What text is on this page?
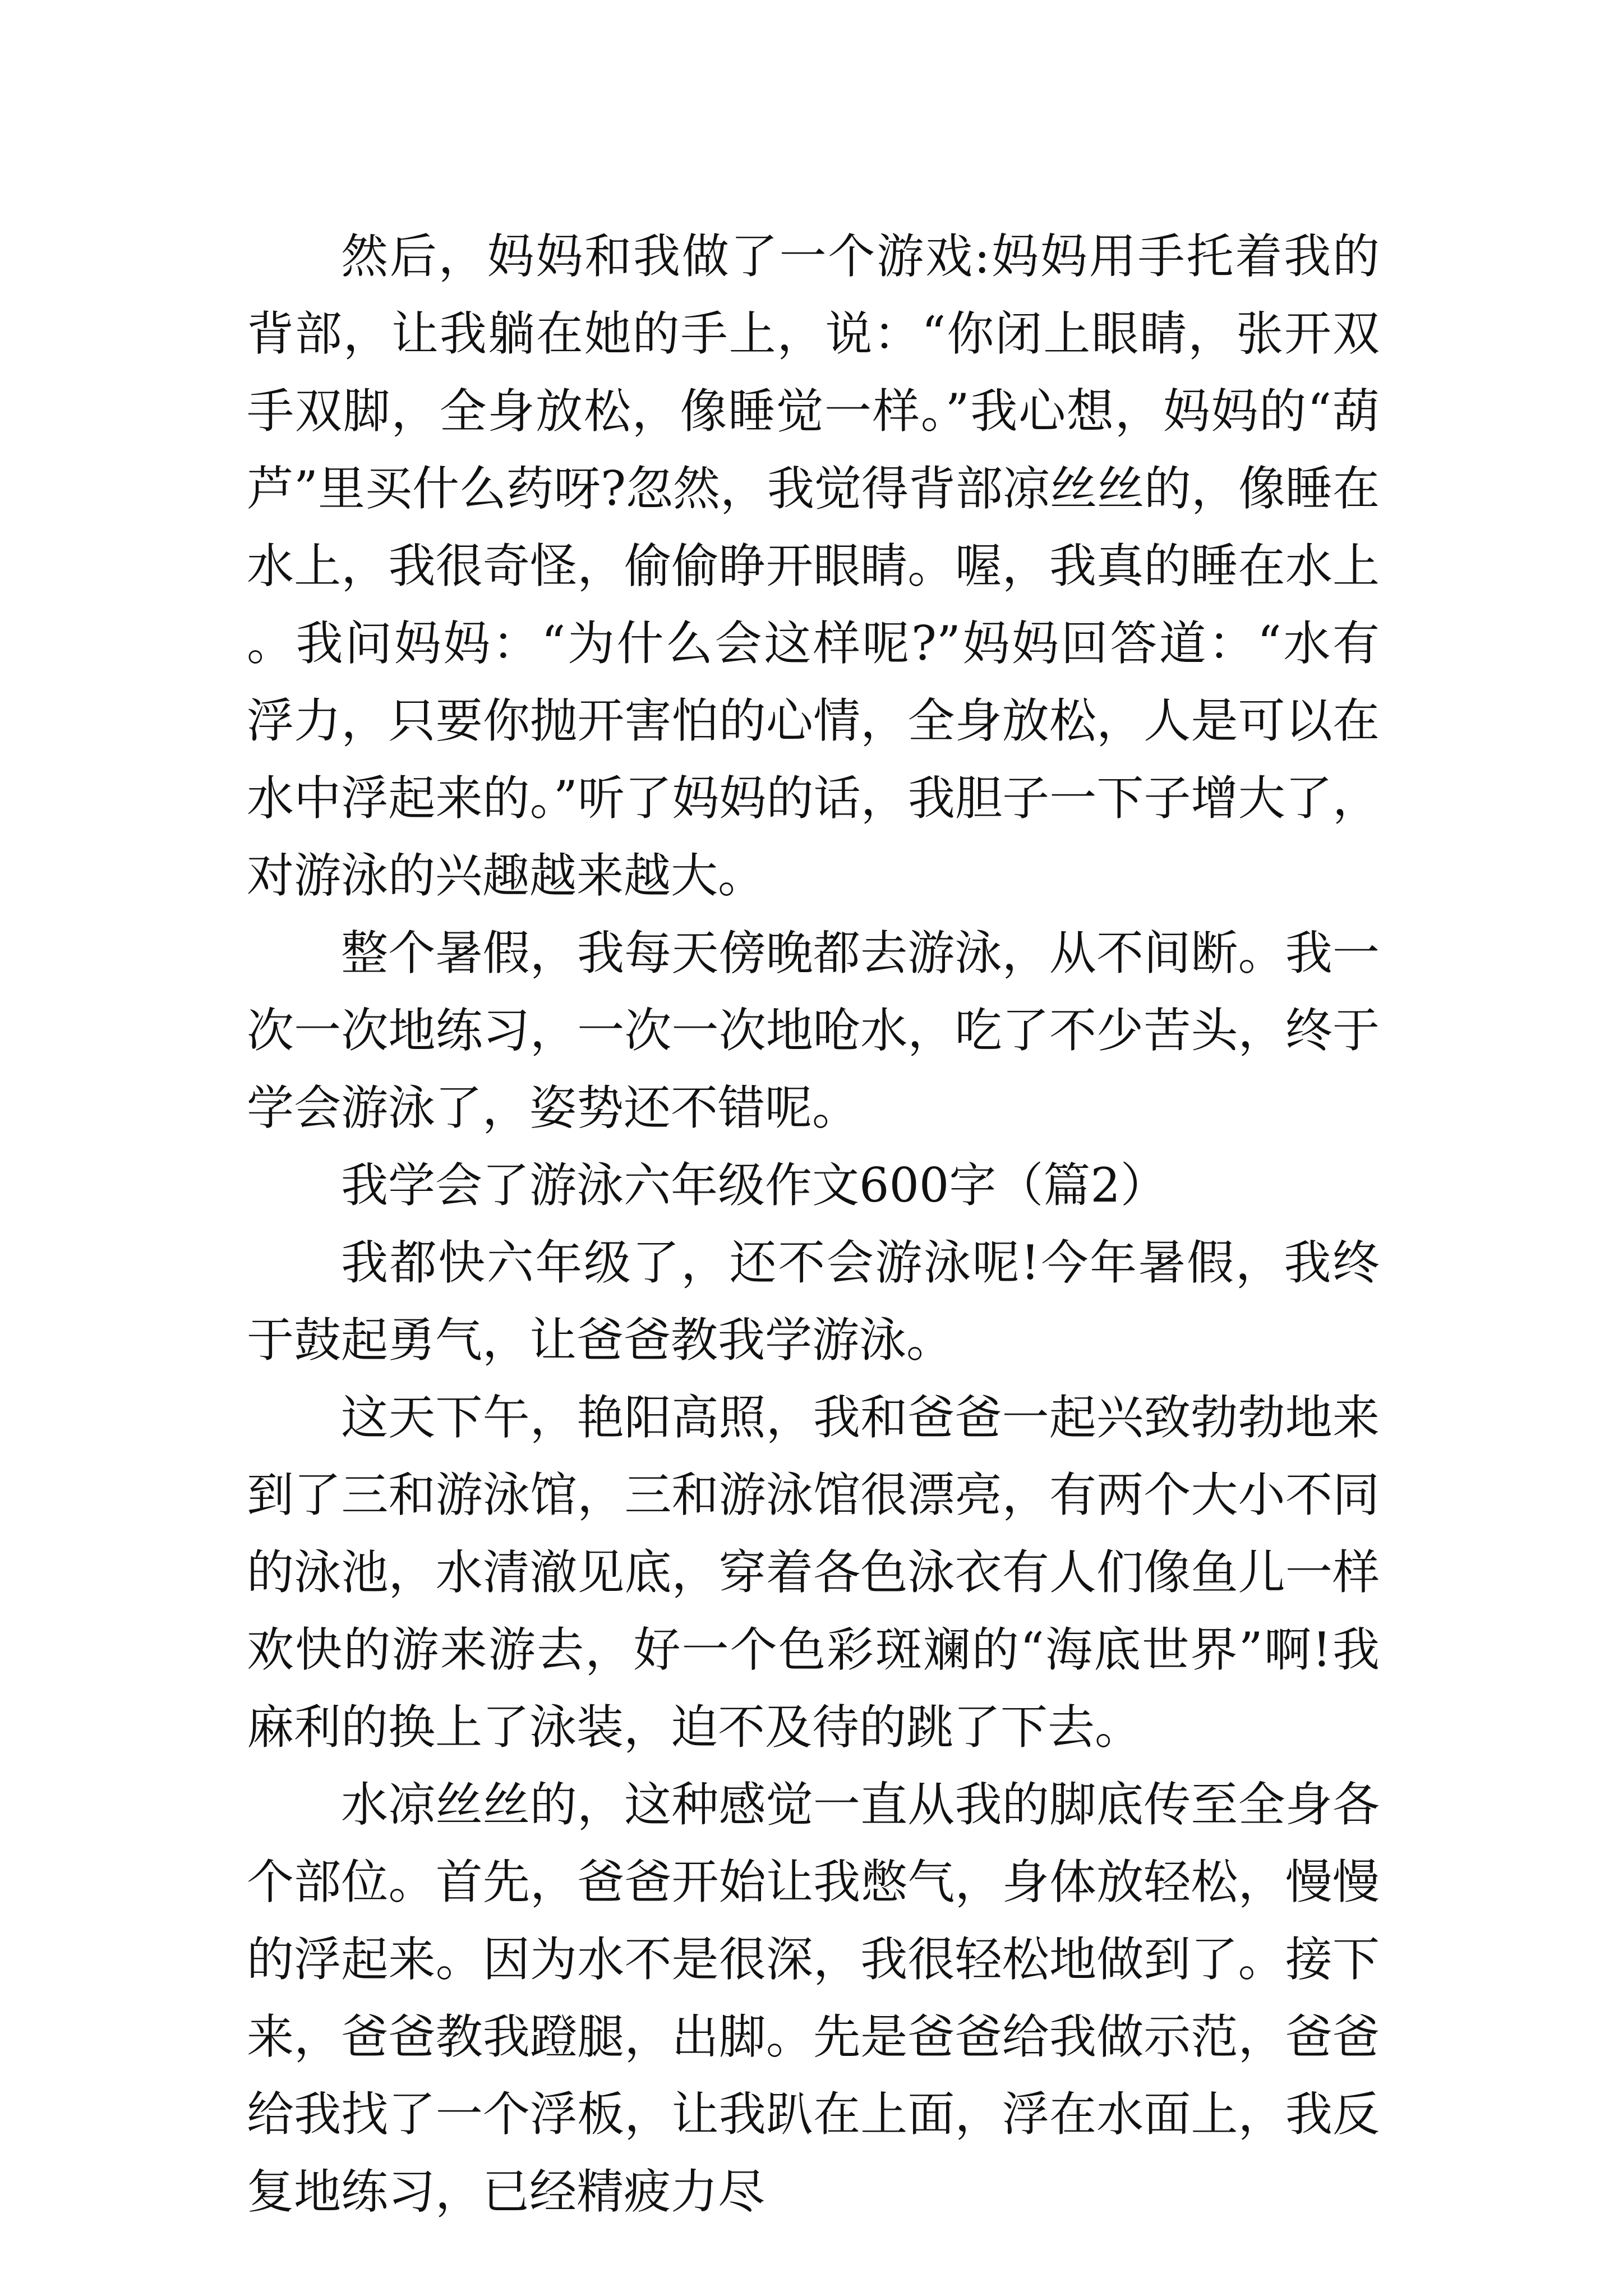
然后，妈妈和我做了一个游戏:妈妈用手托着我的背部，让我躺在她的手上，说：“你闭上眼睛，张开双手双脚，全身放松，像睡觉一样。”我心想，妈妈的“葫芦”里买什么药呀?忽然，我觉得背部凉丝丝的，像睡在水上，我很奇怪，偷偷睁开眼睛。喔，我真的睡在水上。我问妈妈：“为什么会这样呢?”妈妈回答道：“水有浮力，只要你抛开害怕的心情，全身放松，人是可以在水中浮起来的。”听了妈妈的话，我胆子一下子增大了，对游泳的兴趣越来越大。

整个暑假，我每天傍晚都去游泳，从不间断。我一次一次地练习，一次一次地呛水，吃了不少苦头，终于学会游泳了，姿势还不错呢。

我学会了游泳六年级作文600字（篇2）

我都快六年级了，还不会游泳呢!今年暑假，我终于鼓起勇气，让爸爸教我学游泳。

这天下午，艳阳高照，我和爸爸一起兴致勃勃地来到了三和游泳馆，三和游泳馆很漂亮，有两个大小不同的泳池，水清澈见底，穿着各色泳衣有人们像鱼儿一样欢快的游来游去，好一个色彩斑斓的“海底世界”啊!我麻利的换上了泳装，迫不及待的跳了下去。

水凉丝丝的，这种感觉一直从我的脚底传至全身各个部位。首先，爸爸开始让我憋气，身体放轻松，慢慢的浮起来。因为水不是很深，我很轻松地做到了。接下来，爸爸教我蹬腿，出脚。先是爸爸给我做示范，爸爸给我找了一个浮板，让我趴在上面，浮在水面上，我反复地练习，已经精疲力尽
